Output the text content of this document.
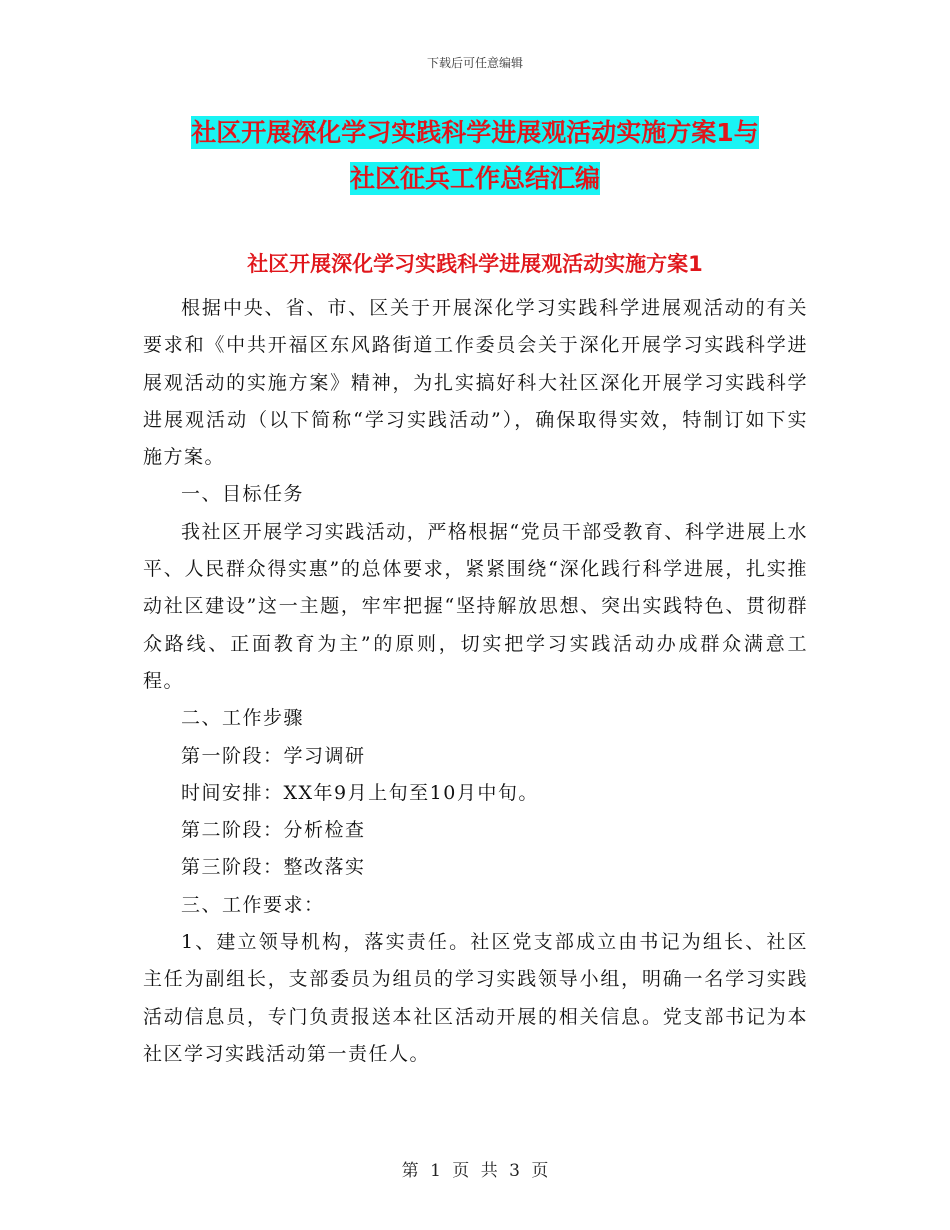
下载后可任意编辑
社区开展深化学习实践科学进展观活动实施方案1与
社区征兵工作总结汇编
社区开展深化学习实践科学进展观活动实施方案1

根据中央、省、市、区关于开展深化学习实践科学进展观活动的有关要求和《中共开福区东风路街道工作委员会关于深化开展学习实践科学进展观活动的实施方案》精神，为扎实搞好科大社区深化开展学习实践科学进展观活动（以下简称“学习实践活动”），确保取得实效，特制订如下实施方案。

一、目标任务

我社区开展学习实践活动，严格根据“党员干部受教育、科学进展上水平、人民群众得实惠”的总体要求，紧紧围绕“深化践行科学进展，扎实推动社区建设”这一主题，牢牢把握“坚持解放思想、突出实践特色、贯彻群众路线、正面教育为主”的原则，切实把学习实践活动办成群众满意工程。

二、工作步骤

第一阶段：学习调研

时间安排：XX年9月上旬至10月中旬。

第二阶段：分析检查

第三阶段：整改落实

三、工作要求：

1、建立领导机构，落实责任。社区党支部成立由书记为组长、社区主任为副组长，支部委员为组员的学习实践领导小组，明确一名学习实践活动信息员，专门负责报送本社区活动开展的相关信息。党支部书记为本社区学习实践活动第一责任人。

第 1 页 共 3 页
